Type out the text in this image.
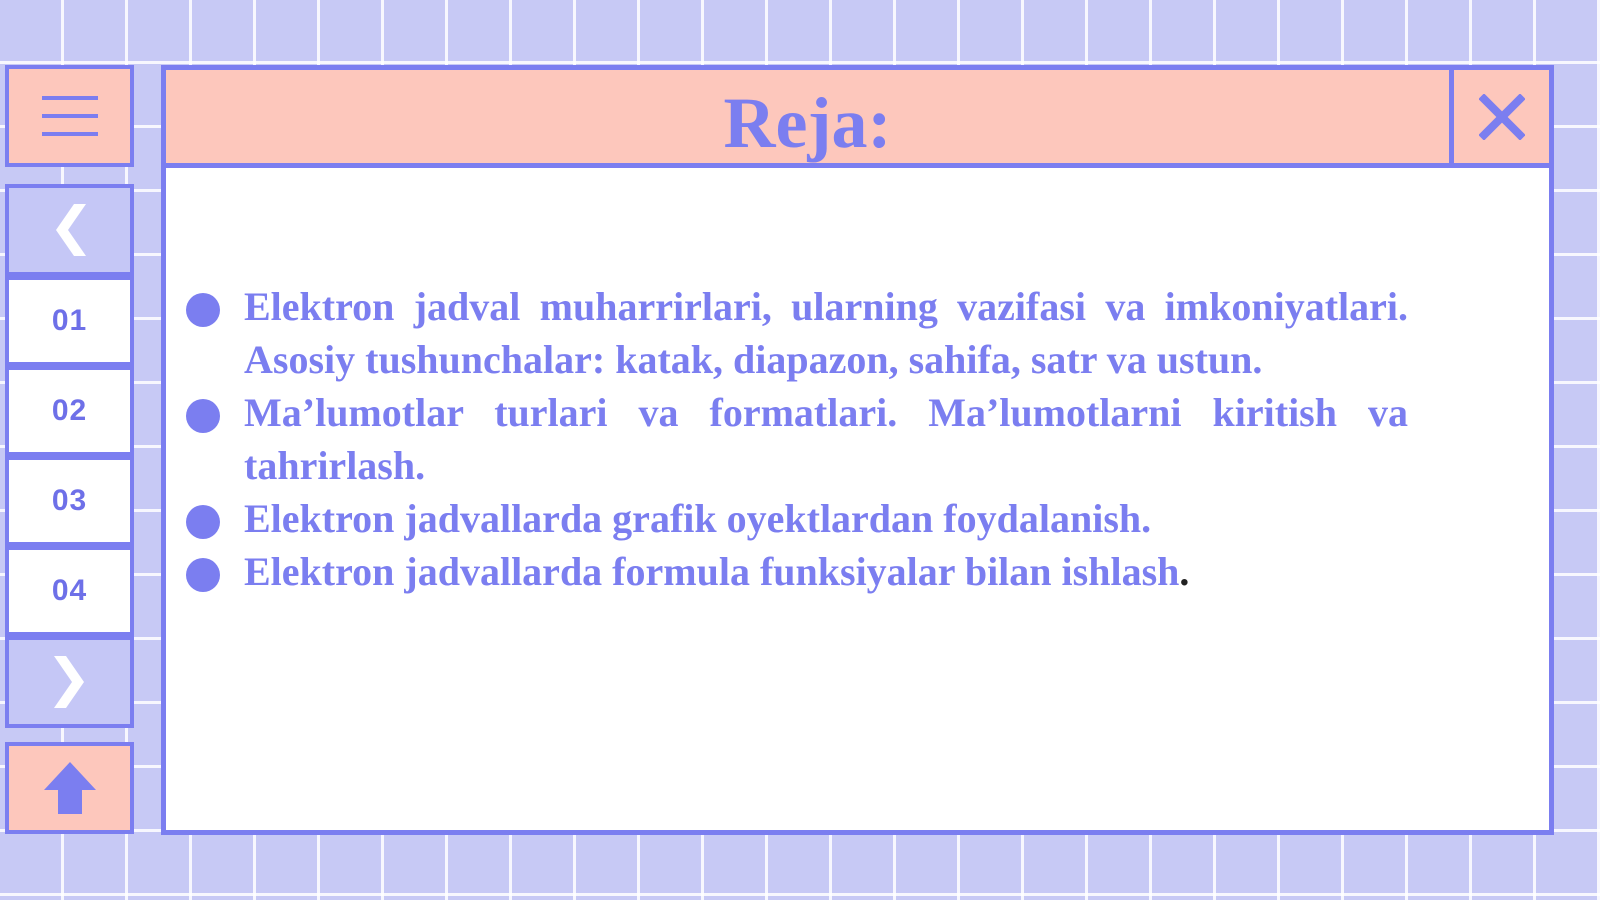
01
02
03
04
Reja:
Elektron jadval muharrirlari, ularning vazifasi va imkoniyatlari. Asosiy tushunchalar: katak, diapazon, sahifa, satr va ustun.
Ma’lumotlar turlari va formatlari. Ma’lumotlarni kiritish va tahrirlash.
Elektron jadvallarda grafik oyektlardan foydalanish.
Elektron jadvallarda formula funksiyalar bilan ishlash.
